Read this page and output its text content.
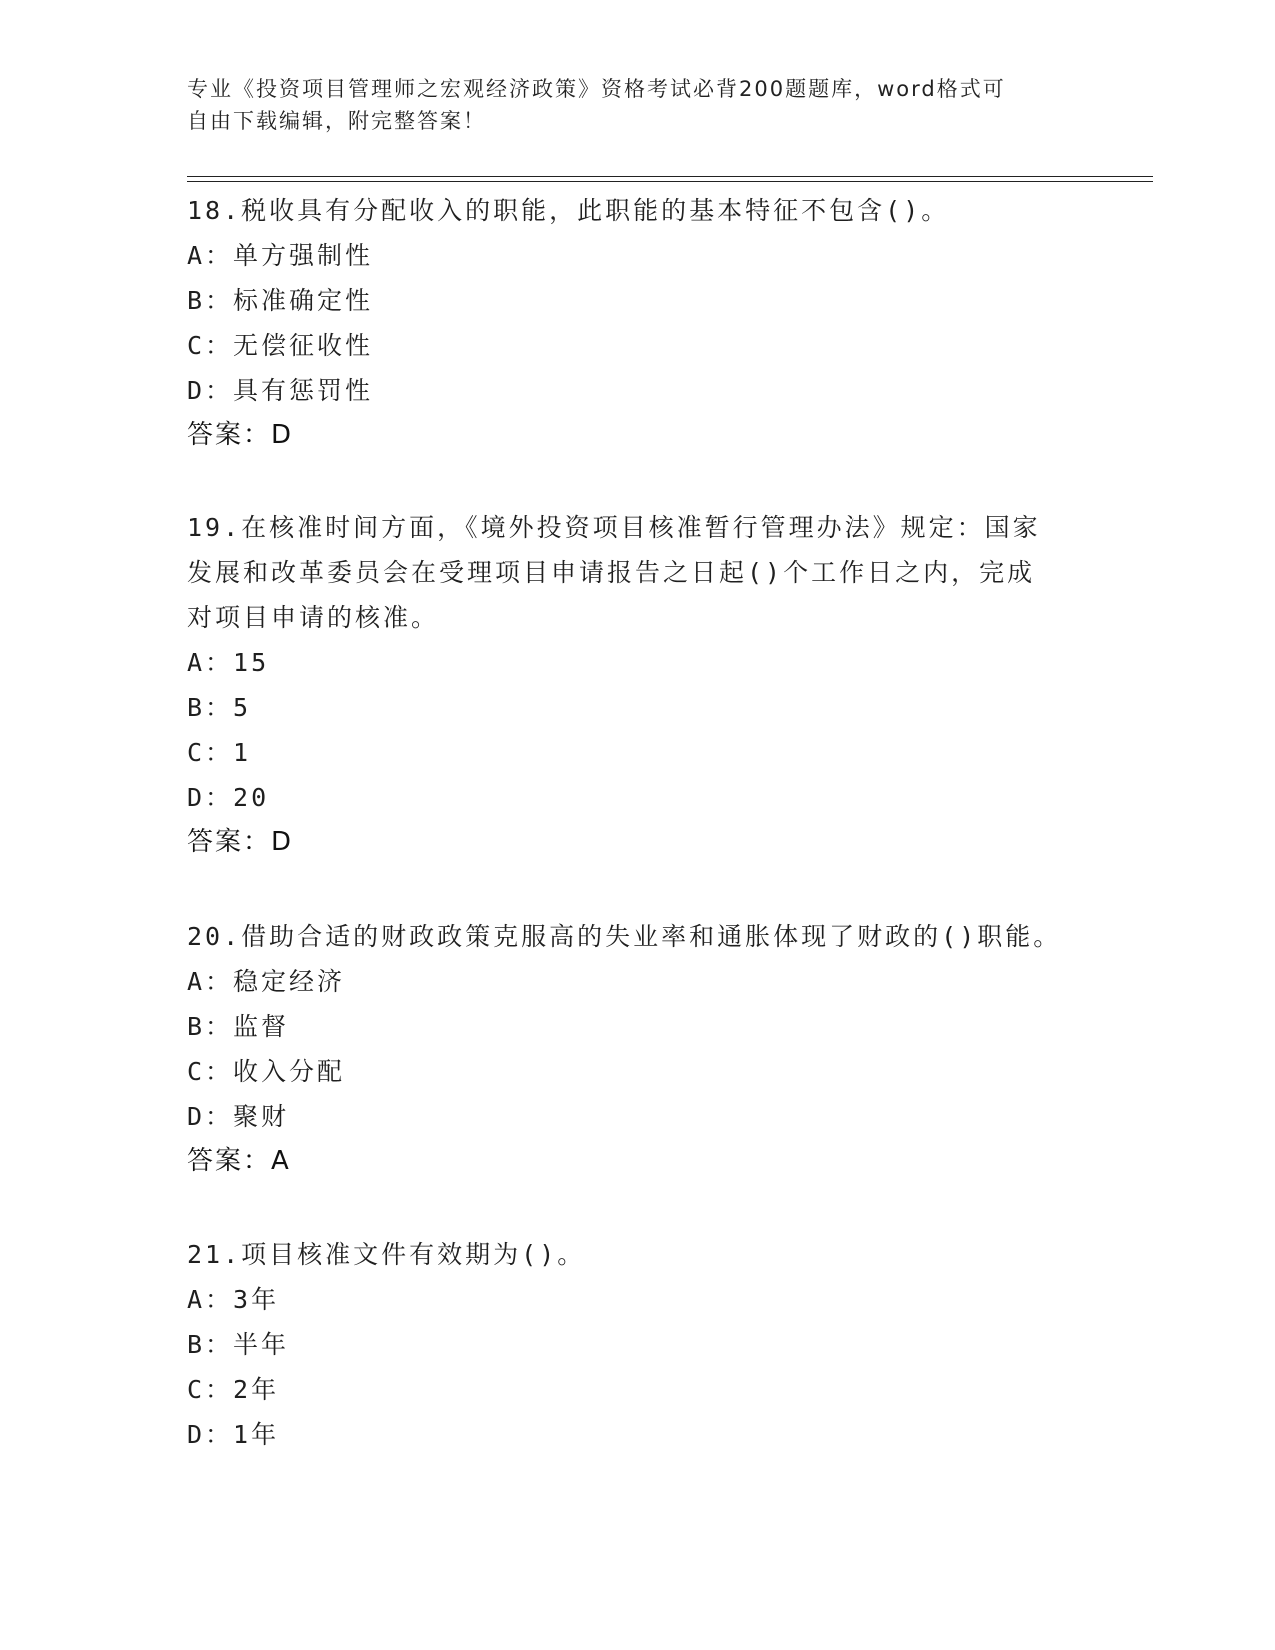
专业《投资项目管理师之宏观经济政策》资格考试必背200题题库，word格式可
自由下载编辑，附完整答案！

18.税收具有分配收入的职能，此职能的基本特征不包含()。

A：单方强制性

B：标准确定性

C：无偿征收性

D：具有惩罚性

答案：D

19.在核准时间方面，《境外投资项目核准暂行管理办法》规定：国家

发展和改革委员会在受理项目申请报告之日起()个工作日之内，完成

对项目申请的核准。

A：15

B：5

C：1

D：20

答案：D

20.借助合适的财政政策克服高的失业率和通胀体现了财政的()职能。

A：稳定经济

B：监督

C：收入分配

D：聚财

答案：A

21.项目核准文件有效期为()。

A：3年

B：半年

C：2年

D：1年
